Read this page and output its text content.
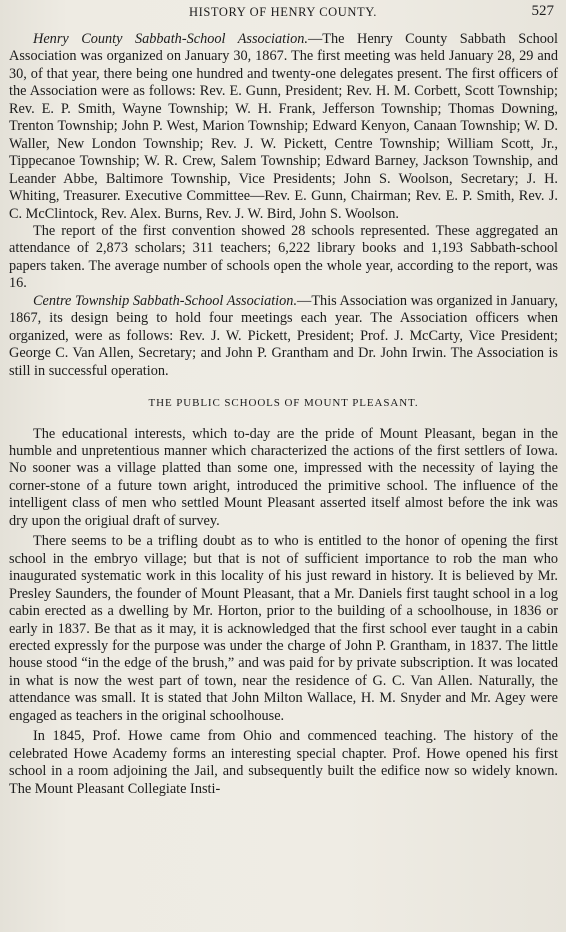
HISTORY OF HENRY COUNTY.	527

Henry County Sabbath-School Association.—The Henry County Sabbath School Association was organized on January 30, 1867. The first meeting was held January 28, 29 and 30, of that year, there being one hundred and twenty-one delegates present. The first officers of the Association were as follows: Rev. E. Gunn, President; Rev. H. M. Corbett, Scott Township; Rev. E. P. Smith, Wayne Township; W. H. Frank, Jefferson Township; Thomas Downing, Trenton Township; John P. West, Marion Township; Edward Kenyon, Canaan Township; W. D. Waller, New London Township; Rev. J. W. Pickett, Centre Township; William Scott, Jr., Tippecanoe Township; W. R. Crew, Salem Township; Edward Barney, Jackson Township, and Leander Abbe, Baltimore Township, Vice Presidents; John S. Woolson, Secretary; J. H. Whiting, Treasurer. Executive Committee—Rev. E. Gunn, Chairman; Rev. E. P. Smith, Rev. J. C. McClintock, Rev. Alex. Burns, Rev. J. W. Bird, John S. Woolson.

The report of the first convention showed 28 schools represented. These aggregated an attendance of 2,873 scholars; 311 teachers; 6,222 library books and 1,193 Sabbath-school papers taken. The average number of schools open the whole year, according to the report, was 16.

Centre Township Sabbath-School Association.—This Association was organized in January, 1867, its design being to hold four meetings each year. The Association officers when organized, were as follows: Rev. J. W. Pickett, President; Prof. J. McCarty, Vice President; George C. Van Allen, Secretary; and John P. Grantham and Dr. John Irwin. The Association is still in successful operation.

THE PUBLIC SCHOOLS OF MOUNT PLEASANT.

The educational interests, which to-day are the pride of Mount Pleasant, began in the humble and unpretentious manner which characterized the actions of the first settlers of Iowa. No sooner was a village platted than some one, impressed with the necessity of laying the corner-stone of a future town aright, introduced the primitive school. The influence of the intelligent class of men who settled Mount Pleasant asserted itself almost before the ink was dry upon the origiual draft of survey.

There seems to be a trifling doubt as to who is entitled to the honor of opening the first school in the embryo village; but that is not of sufficient importance to rob the man who inaugurated systematic work in this locality of his just reward in history. It is believed by Mr. Presley Saunders, the founder of Mount Pleasant, that a Mr. Daniels first taught school in a log cabin erected as a dwelling by Mr. Horton, prior to the building of a schoolhouse, in 1836 or early in 1837. Be that as it may, it is acknowledged that the first school ever taught in a cabin erected expressly for the purpose was under the charge of John P. Grantham, in 1837. The little house stood “in the edge of the brush,” and was paid for by private subscription. It was located in what is now the west part of town, near the residence of G. C. Van Allen. Naturally, the attendance was small. It is stated that John Milton Wallace, H. M. Snyder and Mr. Agey were engaged as teachers in the original schoolhouse.

In 1845, Prof. Howe came from Ohio and commenced teaching. The history of the celebrated Howe Academy forms an interesting special chapter. Prof. Howe opened his first school in a room adjoining the Jail, and subsequently built the edifice now so widely known. The Mount Pleasant Collegiate Insti-
